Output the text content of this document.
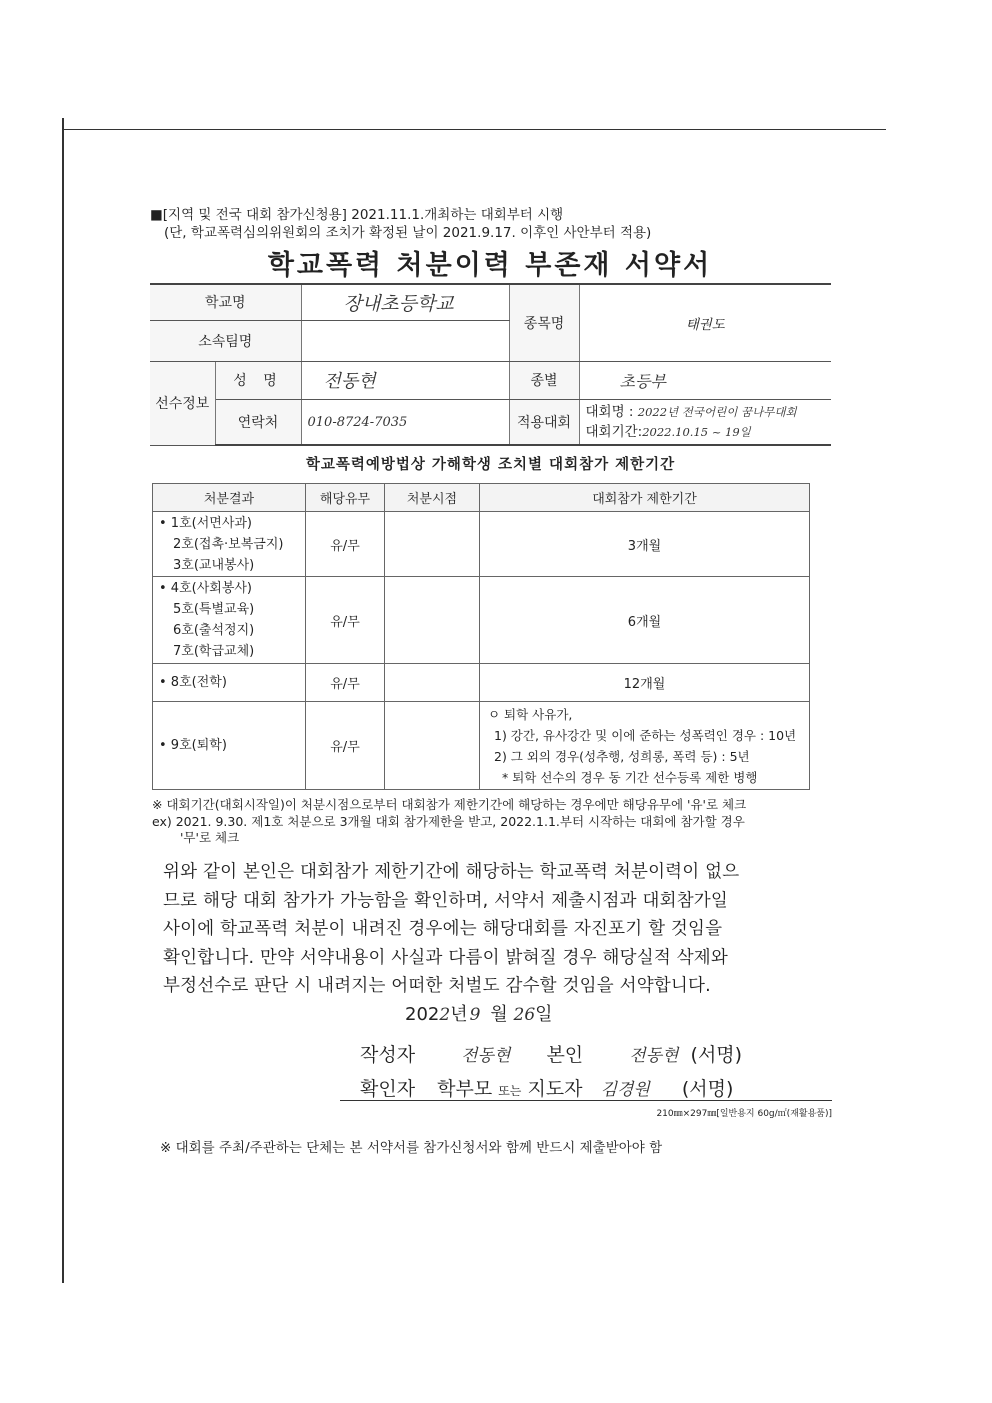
■[지역 및 전국 대회 참가신청용] 2021.11.1.개최하는 대회부터 시행
(단, 학교폭력심의위원회의 조치가 확정된 날이 2021.9.17. 이후인 사안부터 적용)
학교폭력 처분이력 부존재 서약서
학교명		장내초등학교	종목명	태권도
소속팀명				
선수정보	성 명	전동현	종별	초등부
	연락처	010-8724-7035	적용대회	대회명 : 2022년 전국어린이 꿈나무대회
대회기간:2022.10.15 ~ 19일
학교폭력예방법상 가해학생 조치별 대회참가 제한기간
처분결과	해당유무	처분시점	대회참가 제한기간

• 1호(서면사과)
2호(접촉·보복금지)
3호(교내봉사)	유/무		3개월

• 4호(사회봉사)
5호(특별교육)
6호(출석정지)
7호(학급교체)	유/무		6개월

• 8호(전학)	유/무		12개월

• 9호(퇴학)	유/무		ㅇ 퇴학 사유가,
1) 강간, 유사강간 및 이에 준하는 성폭력인 경우 : 10년
2) 그 외의 경우(성추행, 성희롱, 폭력 등) : 5년
* 퇴학 선수의 경우 동 기간 선수등록 제한 병행
※ 대회기간(대회시작일)이 처분시점으로부터 대회참가 제한기간에 해당하는 경우에만 해당유무에 '유'로 체크
ex) 2021. 9.30. 제1호 처분으로 3개월 대회 참가제한을 받고, 2022.1.1.부터 시작하는 대회에 참가할 경우
'무'로 체크
위와 같이 본인은 대회참가 제한기간에 해당하는 학교폭력 처분이력이 없으
므로 해당 대회 참가가 가능함을 확인하며, 서약서 제출시점과 대회참가일
사이에 학교폭력 처분이 내려진 경우에는 해당대회를 자진포기 할 것임을
확인합니다. 만약 서약내용이 사실과 다름이 밝혀질 경우 해당실적 삭제와
부정선수로 판단 시 내려지는 어떠한 처벌도 감수할 것임을 서약합니다.
2022년 9 월 26일
작성자	전동현 본인	전동현 (서명)
확인자 학부모 또는 지도자 김경원 (서명)
210㎜×297㎜[일반용지 60g/㎡(재활용품)]
※ 대회를 주최/주관하는 단체는 본 서약서를 참가신청서와 함께 반드시 제출받아야 함
